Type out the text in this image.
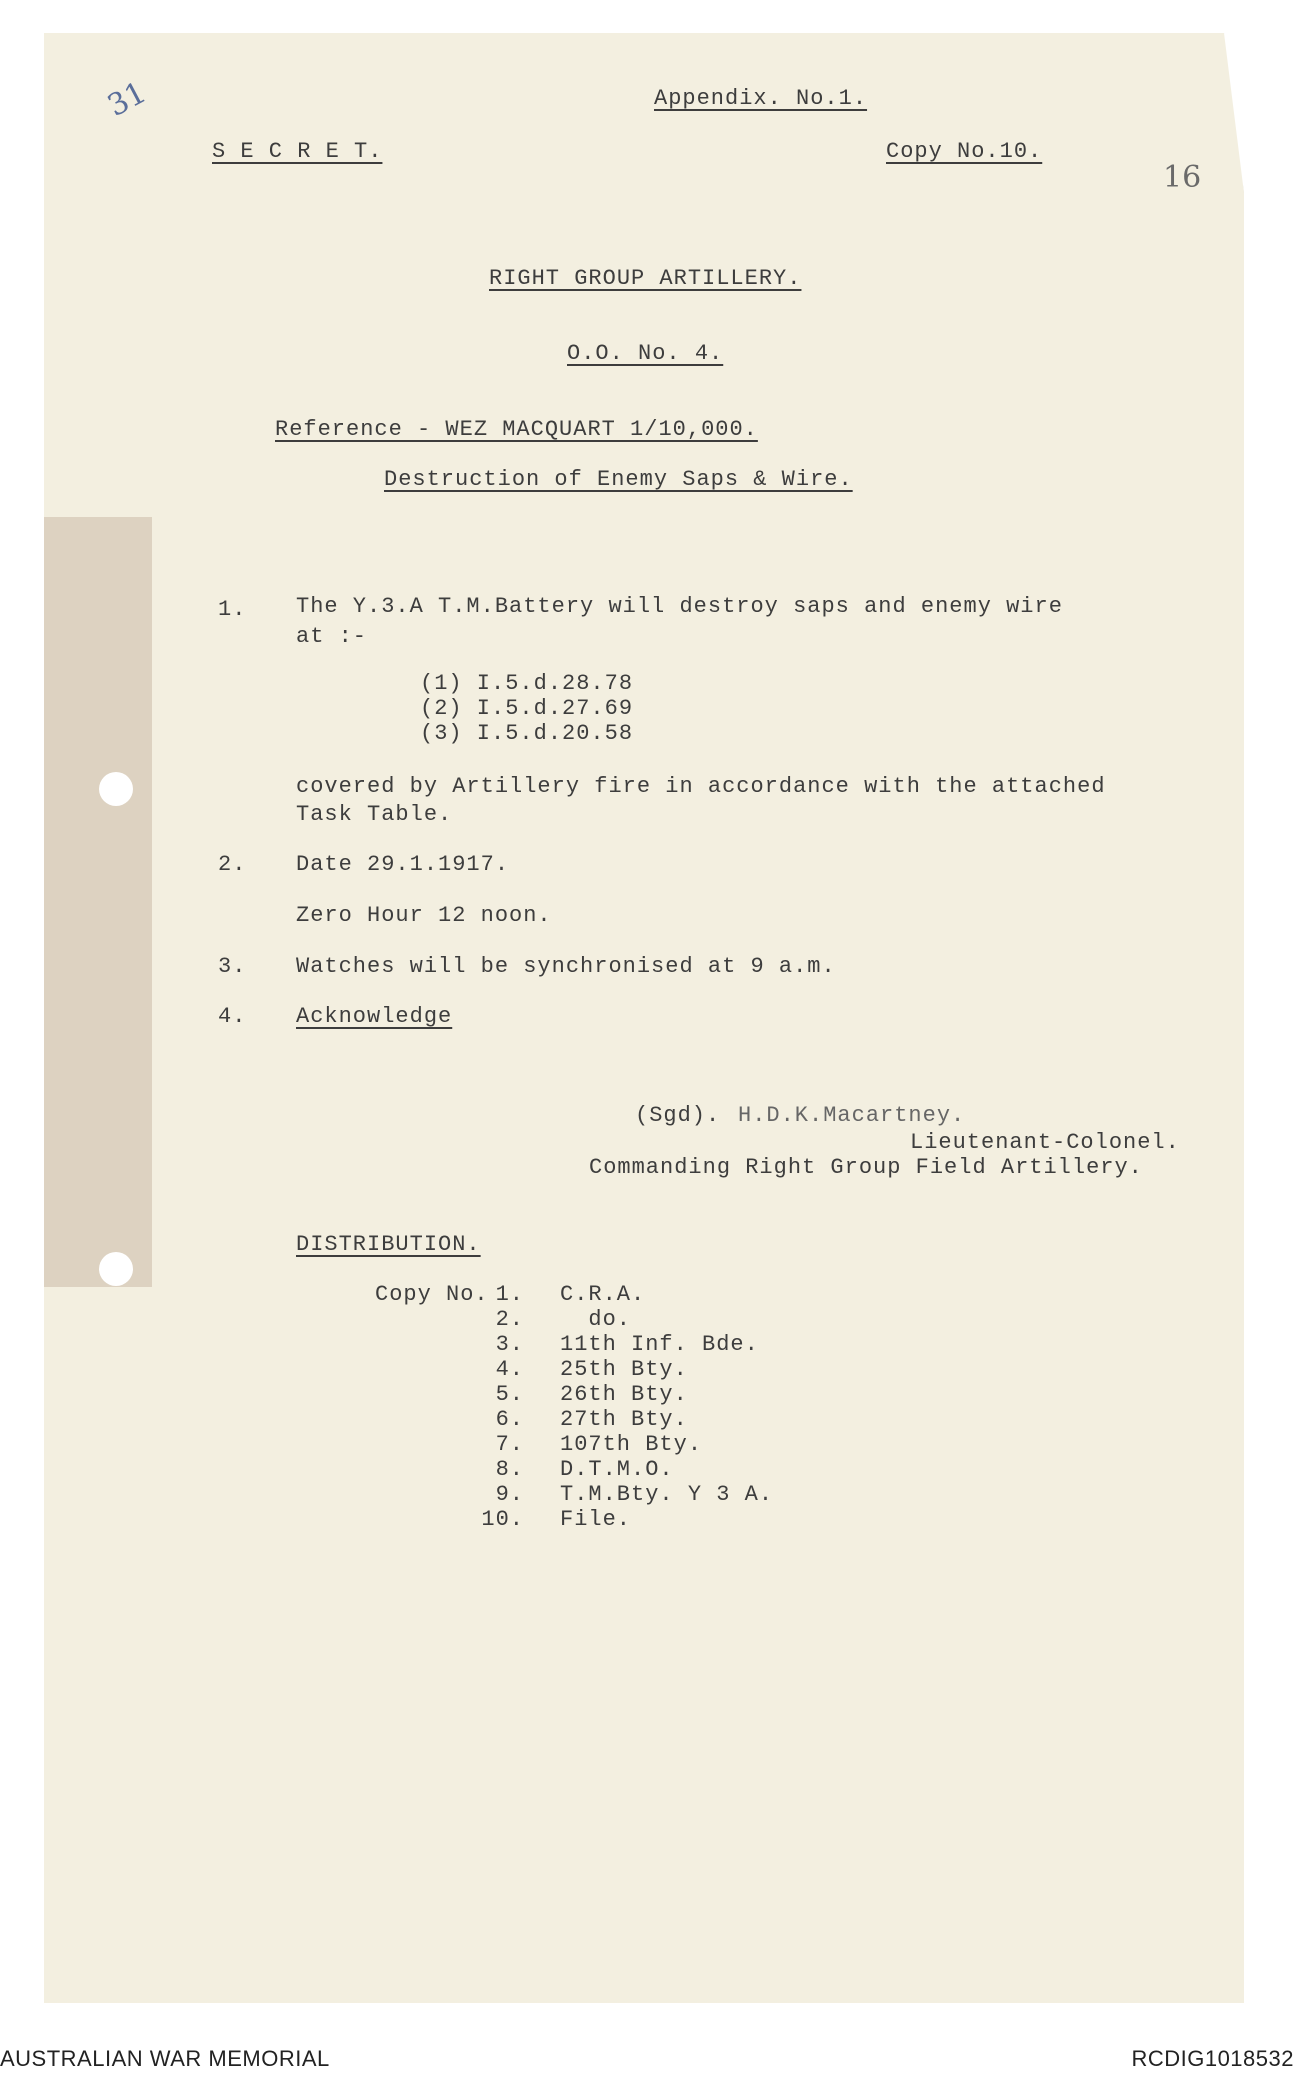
31
16
Appendix. No.1.
S E C R E T.	Copy No.10.
RIGHT GROUP ARTILLERY.
O.O. No. 4.
Reference - WEZ MACQUART 1/10,000.
Destruction of Enemy Saps & Wire.
1. The Y.3.A T.M.Battery will destroy saps and enemy wire
at :-
(1) I.5.d.28.78
(2) I.5.d.27.69
(3) I.5.d.20.58
covered by Artillery fire in accordance with the attached
Task Table.
2. Date 29.1.1917.
Zero Hour 12 noon.
3. Watches will be synchronised at 9 a.m.
4. Acknowledge
(Sgd). H.D.K.Macartney.
Lieutenant-Colonel.
Commanding Right Group Field Artillery.
DISTRIBUTION.
Copy No. 1. C.R.A.
2. do.
3. 11th Inf. Bde.
4. 25th Bty.
5. 26th Bty.
6. 27th Bty.
7. 107th Bty.
8. D.T.M.O.
9. T.M.Bty. Y 3 A.
10. File.
AUSTRALIAN WAR MEMORIAL	RCDIG1018532
